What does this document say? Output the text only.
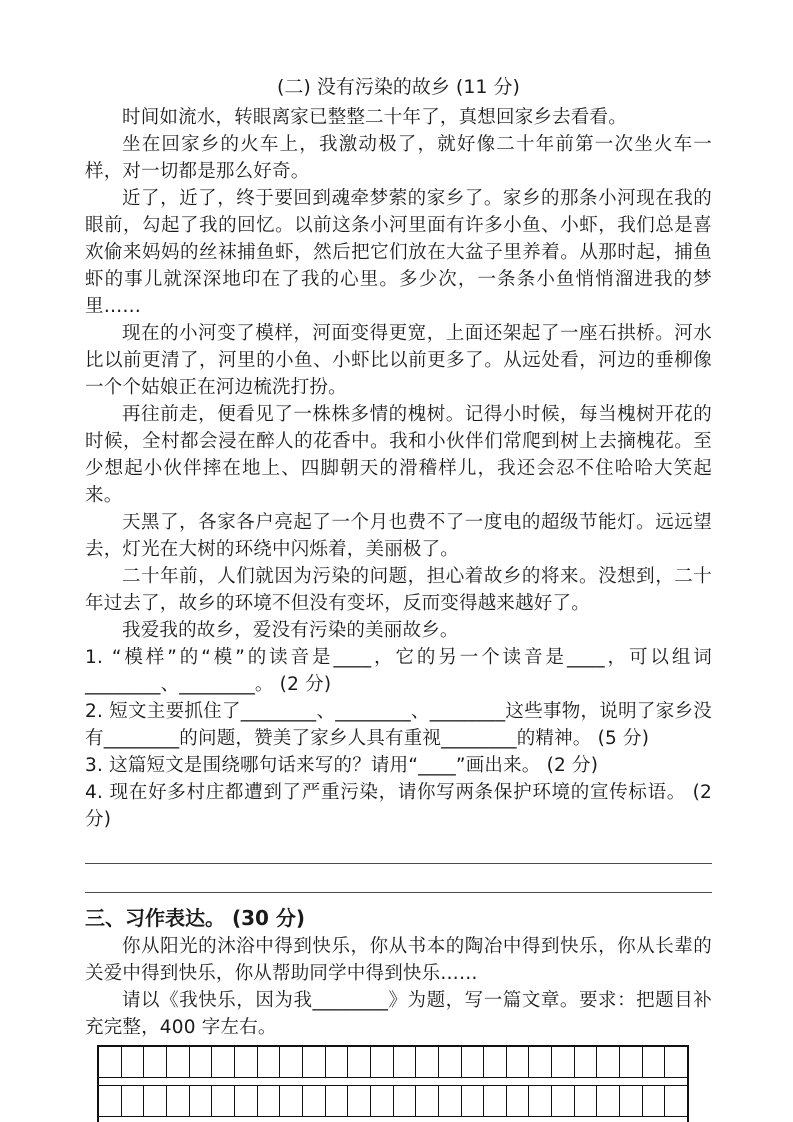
(二) 没有污染的故乡 (11 分)

时间如流水，转眼离家已整整二十年了，真想回家乡去看看。

坐在回家乡的火车上，我激动极了，就好像二十年前第一次坐火车一样，对一切都是那么好奇。

近了，近了，终于要回到魂牵梦萦的家乡了。家乡的那条小河现在我的眼前，勾起了我的回忆。以前这条小河里面有许多小鱼、小虾，我们总是喜欢偷来妈妈的丝袜捕鱼虾，然后把它们放在大盆子里养着。从那时起，捕鱼虾的事儿就深深地印在了我的心里。多少次，一条条小鱼悄悄溜进我的梦里……

现在的小河变了模样，河面变得更宽，上面还架起了一座石拱桥。河水比以前更清了，河里的小鱼、小虾比以前更多了。从远处看，河边的垂柳像一个个姑娘正在河边梳洗打扮。

再往前走，便看见了一株株多情的槐树。记得小时候，每当槐树开花的时候，全村都会浸在醉人的花香中。我和小伙伴们常爬到树上去摘槐花。至少想起小伙伴摔在地上、四脚朝天的滑稽样儿，我还会忍不住哈哈大笑起来。

天黑了，各家各户亮起了一个月也费不了一度电的超级节能灯。远远望去，灯光在大树的环绕中闪烁着，美丽极了。

二十年前，人们就因为污染的问题，担心着故乡的将来。没想到，二十年过去了，故乡的环境不但没有变坏，反而变得越来越好了。

我爱我的故乡，爱没有污染的美丽故乡。

1. “模样”的“模”的读音是____，它的另一个读音是____，可以组词________、________。 (2 分)

2. 短文主要抓住了________、________、________这些事物，说明了家乡没有________的问题，赞美了家乡人具有重视________的精神。 (5 分)

3. 这篇短文是围绕哪句话来写的？请用“____”画出来。 (2 分)

4. 现在好多村庄都遭到了严重污染，请你写两条保护环境的宣传标语。 (2 分)

三、习作表达。 (30 分)

你从阳光的沐浴中得到快乐，你从书本的陶冶中得到快乐，你从长辈的关爱中得到快乐，你从帮助同学中得到快乐……

请以《我快乐，因为我________》为题，写一篇文章。要求：把题目补充完整，400 字左右。
